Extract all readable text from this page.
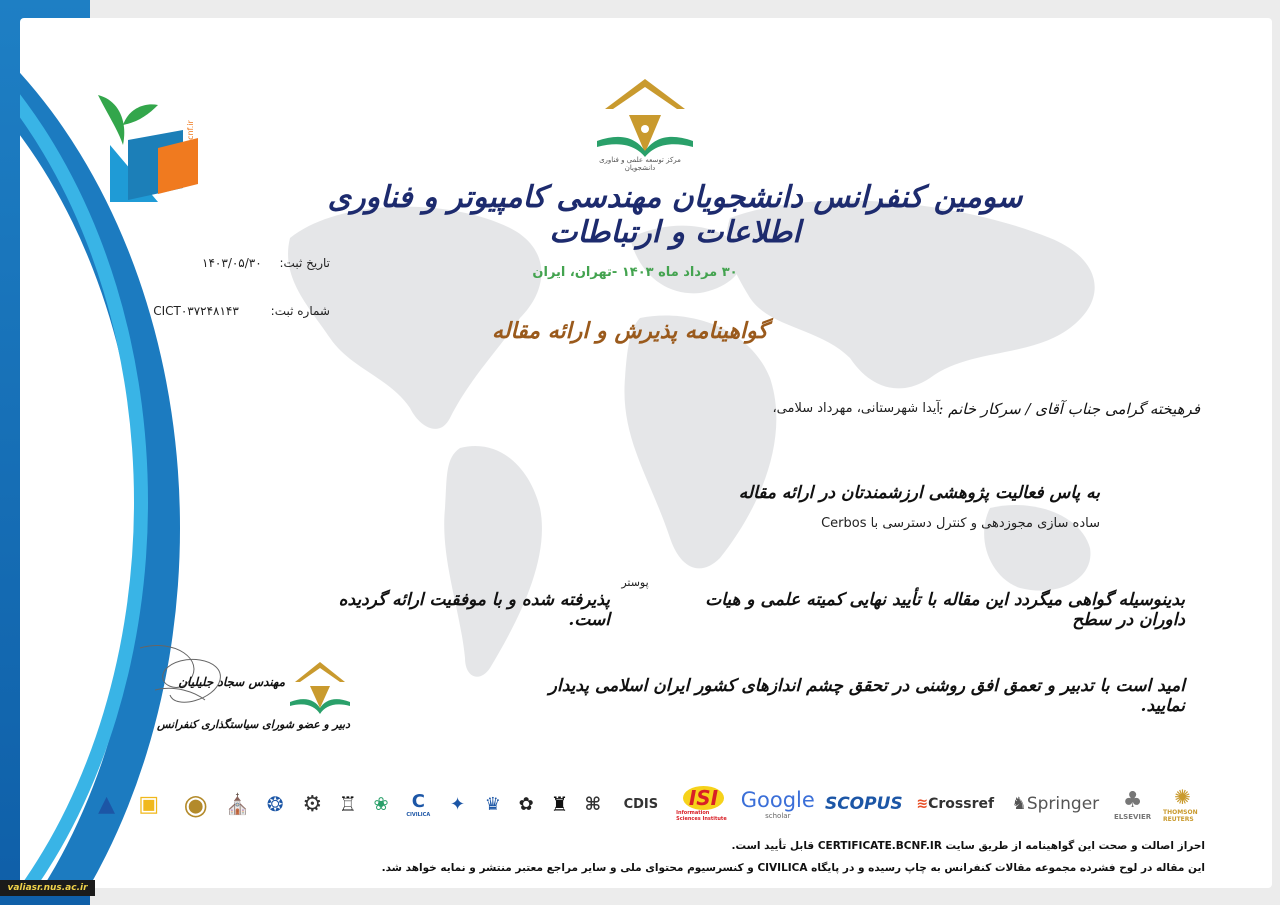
bcnf.ir
مرکز توسعه علمی و فناوری دانشجویان
سومین کنفرانس دانشجویان مهندسی کامپیوتر و فناوری اطلاعات و ارتباطات
۳۰ مرداد ماه ۱۴۰۳ -تهران، ایران
گواهینامه پذیرش و ارائه مقاله
تاریخ ثبت: ۱۴۰۳/۰۵/۳۰
شماره ثبت: CICT۰۳۷۲۴۸۱۴۳
فرهیخته گرامی جناب آقای / سرکار خانم :
آیدا شهرستانی، مهرداد سلامی،
به پاس فعالیت پژوهشی ارزشمندتان در ارائه مقاله
ساده سازی مجوزدهی و کنترل دسترسی با Cerbos
بدینوسیله گواهی میگردد این مقاله با تأیید نهایی کمیته علمی و هیات داوران در سطح
پوستر
پذیرفته شده و با موفقیت ارائه گردیده است.
امید است با تدبیر و تعمق افق روشنی در تحقق چشم اندازهای کشور ایران اسلامی پدیدار نمایید.
مهندس سجاد جلیلیان
دبیر و عضو شورای سیاستگذاری کنفرانس
✺
THOMSON REUTERS
♣
ELSEVIER
♞ Springer
≋ Crossref
SCOPUS
Google
scholar
ISI
Information Sciences Institute
CDIS
⌘
♜
✿
♛
✦
C
CIVILICA
❀
♖
⚙
❂
⛪
◉
▣
▲
احراز اصالت و صحت این گواهینامه از طریق سایت CERTIFICATE.BCNF.IR قابل تأیید است.
این مقاله در لوح فشرده مجموعه مقالات کنفرانس به چاپ رسیده و در پایگاه CIVILICA و کنسرسیوم محتوای ملی و سایر مراجع معتبر منتشر و نمایه خواهد شد.
valiasr.nus.ac.ir
